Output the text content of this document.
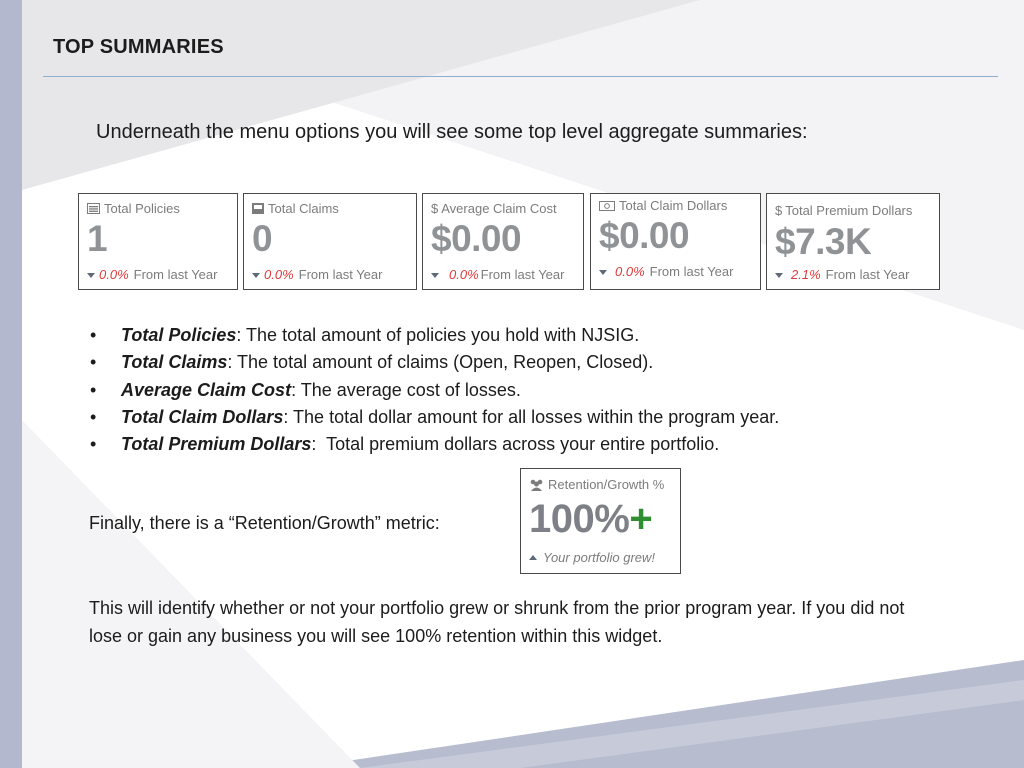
TOP SUMMARIES
Underneath the menu options you will see some top level aggregate summaries:
Total Policies
1
0.0% From last Year
Total Claims
0
0.0% From last Year
$ Average Claim Cost
$0.00
0.0% From last Year
Total Claim Dollars
$0.00
0.0% From last Year
$ Total Premium Dollars
$7.3K
2.1% From last Year
•	Total Policies : The total amount of policies you hold with NJSIG.
•	Total Claims : The total amount of claims (Open, Reopen, Closed).
•	Average Claim Cost : The average cost of losses.
•	Total Claim Dollars : The total dollar amount for all losses within the program year.
•	Total Premium Dollars :  Total premium dollars across your entire portfolio.
Finally, there is a “Retention/Growth” metric:
Retention/Growth %
100%+
Your portfolio grew!
This will identify whether or not your portfolio grew or shrunk from the prior program year. If you did not lose or gain any business you will see 100% retention within this widget.
